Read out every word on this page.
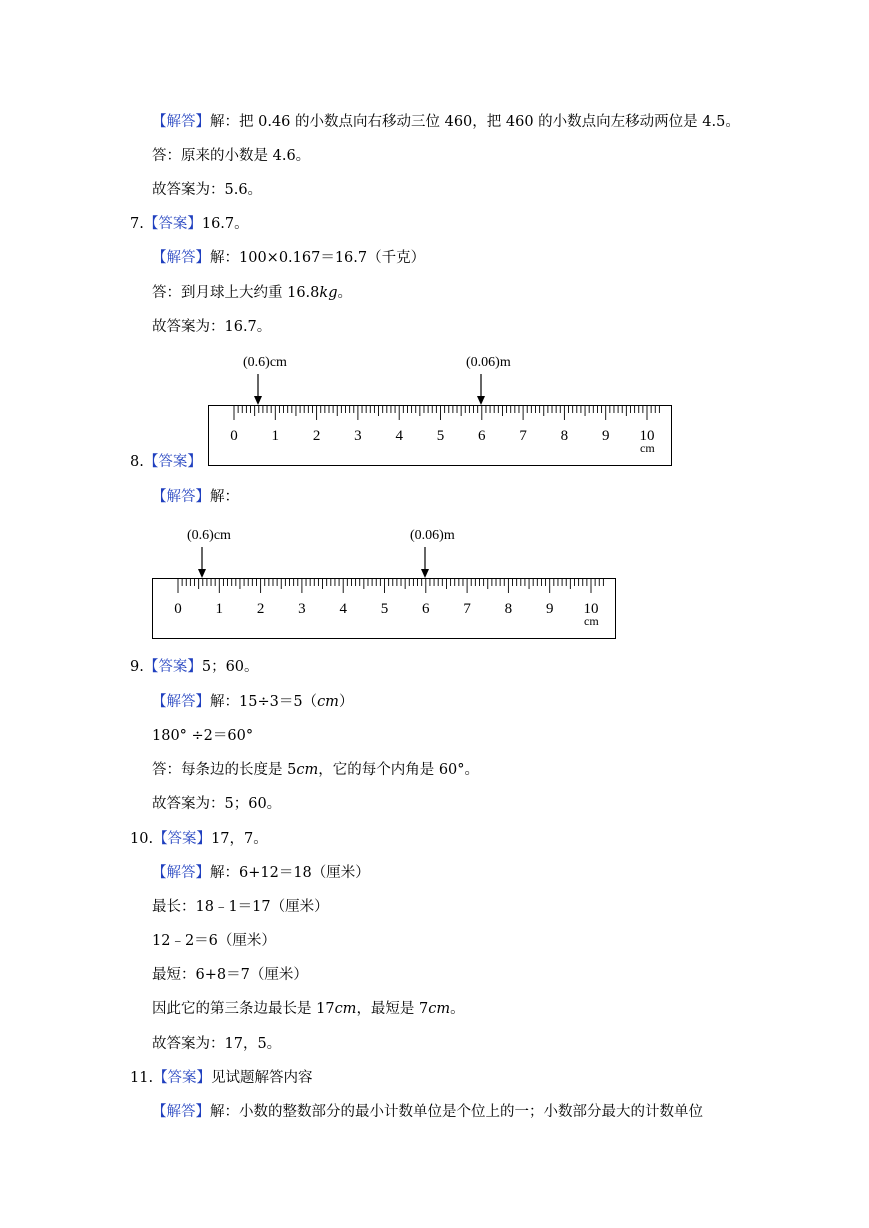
【解答】解：把 0.46 的小数点向右移动三位 460，把 460 的小数点向左移动两位是 4.5。
答：原来的小数是 4.6。
故答案为：5.6。
7.【答案】16.7。
【解答】解：100×0.167＝16.7（千克）
答：到月球上大约重 16.8kg。
故答案为：16.7。
(0.6)cm	(0.06)m
0 1 2 3 4 5 6 7 8 9 10
cm
8.【答案】
【解答】解：
(0.6)cm	(0.06)m
0 1 2 3 4 5 6 7 8 9 10
cm
9.【答案】5；60。
【解答】解：15÷3＝5（cm）
180° ÷2＝60°
答：每条边的长度是 5cm，它的每个内角是 60°。
故答案为：5；60。
10.【答案】17，7。
【解答】解：6+12＝18（厘米）
最长：18﹣1＝17（厘米）
12﹣2＝6（厘米）
最短：6+8＝7（厘米）
因此它的第三条边最长是 17cm，最短是 7cm。
故答案为：17，5。
11.【答案】见试题解答内容
【解答】解：小数的整数部分的最小计数单位是个位上的一；小数部分最大的计数单位
